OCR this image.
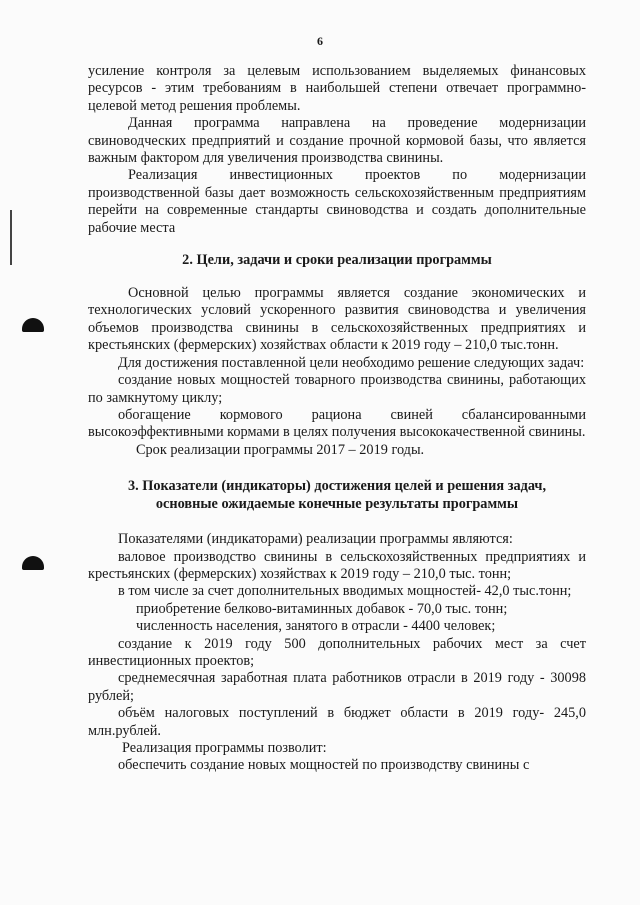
6

усиление контроля за целевым использованием выделяемых финансовых ресурсов - этим требованиям в наибольшей степени отвечает программно-целевой метод решения проблемы.

Данная программа направлена на проведение модернизации свиноводческих предприятий и создание прочной кормовой базы, что является важным фактором для увеличения производства свинины.

Реализация инвестиционных проектов по модернизации производственной базы дает возможность сельскохозяйственным предприятиям перейти на современные стандарты свиноводства и создать дополнительные рабочие места

2. Цели, задачи и сроки реализации программы

Основной целью программы является создание экономических и технологических условий ускоренного развития свиноводства и увеличения объемов производства свинины в сельскохозяйственных предприятиях и крестьянских (фермерских) хозяйствах области к 2019 году – 210,0 тыс.тонн.

Для достижения поставленной цели необходимо решение следующих задач:

создание новых мощностей товарного производства свинины, работающих по замкнутому циклу;

обогащение кормового рациона свиней сбалансированными высокоэффективными кормами в целях получения высококачественной свинины.

Срок реализации программы 2017 – 2019 годы.

3. Показатели (индикаторы) достижения целей и решения задач,

основные ожидаемые конечные результаты программы

Показателями (индикаторами) реализации программы являются:

валовое производство свинины в сельскохозяйственных предприятиях и крестьянских (фермерских) хозяйствах к 2019 году – 210,0 тыс. тонн;

в том числе за счет дополнительных вводимых мощностей- 42,0 тыс.тонн;

приобретение белково-витаминных добавок - 70,0 тыс. тонн;

численность населения, занятого в отрасли - 4400 человек;

создание к 2019 году 500 дополнительных рабочих мест за счет инвестиционных проектов;

среднемесячная заработная плата работников отрасли в 2019 году - 30098 рублей;

объём налоговых поступлений в бюджет области в 2019 году- 245,0 млн.рублей.

Реализация программы позволит:

обеспечить создание новых мощностей по производству свинины с
